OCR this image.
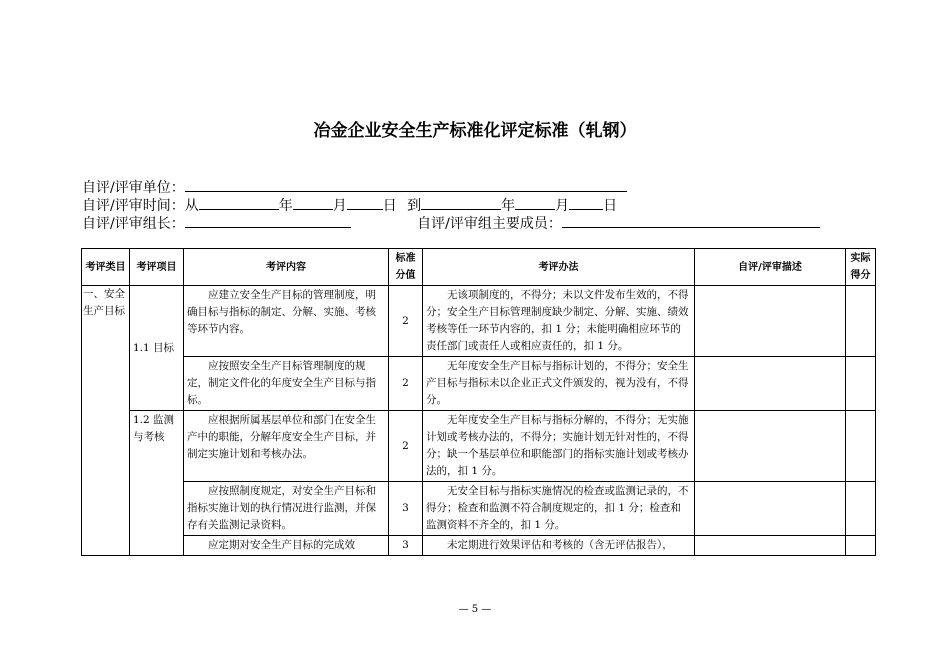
冶金企业安全生产标准化评定标准（轧钢）
自评/评审单位：
自评/评审时间：从	年	月	日 到	年	月 日
自评/评审组长：	自评/评审组主要成员：
考评类目	考评项目	考评内容	标准分值	考评办法	自评/评审描述	实际得分
一、安全生产目标	1.1 目标	应建立安全生产目标的管理制度，明确目标与指标的制定、分解、实施、考核等环节内容。	2	无该项制度的，不得分；未以文件发布生效的，不得分；安全生产目标管理制度缺少制定、分解、实施、绩效考核等任一环节内容的，扣 1 分；未能明确相应环节的责任部门或责任人或相应责任的，扣 1 分。		
		应按照安全生产目标管理制度的规定，制定文件化的年度安全生产目标与指标。	2	无年度安全生产目标与指标计划的，不得分；安全生产目标与指标未以企业正式文件颁发的，视为没有，不得分。		
	1.2 监测与考核	应根据所属基层单位和部门在安全生产中的职能，分解年度安全生产目标，并制定实施计划和考核办法。	2	无年度安全生产目标与指标分解的，不得分；无实施计划或考核办法的，不得分；实施计划无针对性的，不得分；缺一个基层单位和职能部门的指标实施计划或考核办法的，扣 1 分。		
		应按照制度规定，对安全生产目标和指标实施计划的执行情况进行监测，并保存有关监测记录资料。	3	无安全目标与指标实施情况的检查或监测记录的，不得分；检查和监测不符合制度规定的，扣 1 分；检查和监测资料不齐全的，扣 1 分。		
		应定期对安全生产目标的完成效	3	未定期进行效果评估和考核的（含无评估报告），		
— 5 —
